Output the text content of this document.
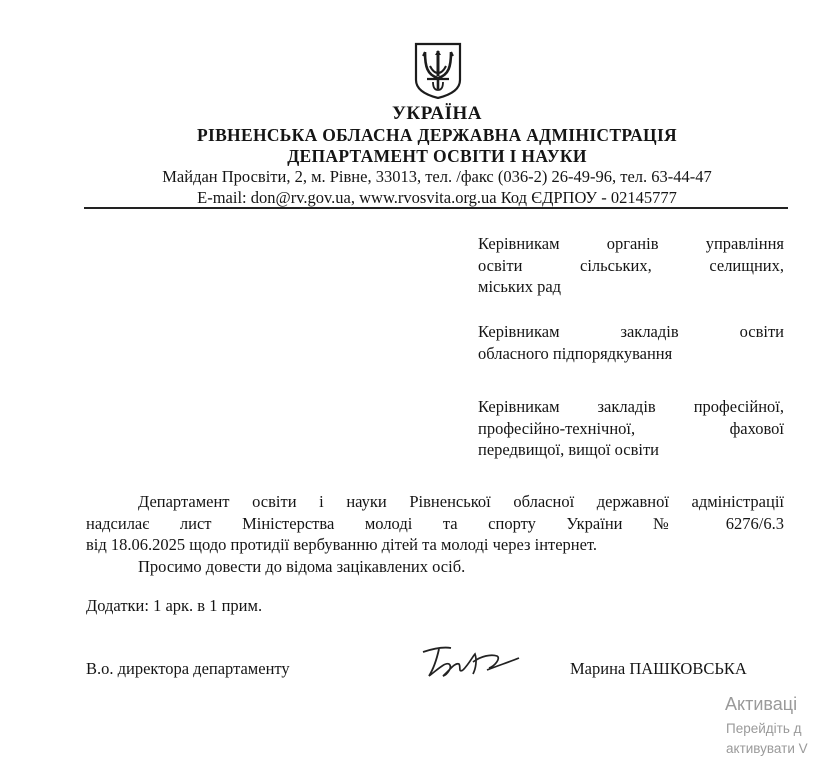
УКРАЇНА
РІВНЕНСЬКА ОБЛАСНА ДЕРЖАВНА АДМІНІСТРАЦІЯ
ДЕПАРТАМЕНТ ОСВІТИ І НАУКИ
Майдан Просвіти, 2, м. Рівне, 33013, тел. /факс (036-2) 26-49-96, тел. 63-44-47
E-mail: don@rv.gov.ua, www.rvosvita.org.ua Код ЄДРПОУ - 02145777
Керівникам органів управління
освіти сільських, селищних,
міських рад
Керівникам закладів освіти
обласного підпорядкування
Керівникам закладів професійної,
професійно-технічної, фахової
передвищої, вищої освіти
Департамент освіти і науки Рівненської обласної державної адміністрації
надсилає лист Міністерства молоді та спорту України № 6276/6.3
від 18.06.2025 щодо протидії вербуванню дітей та молоді через інтернет.
Просимо довести до відома зацікавлених осіб.
Додатки: 1 арк. в 1 прим.
В.о. директора департаменту	Марина ПАШКОВСЬКА
Активаці
Перейдіть д
активувати V
